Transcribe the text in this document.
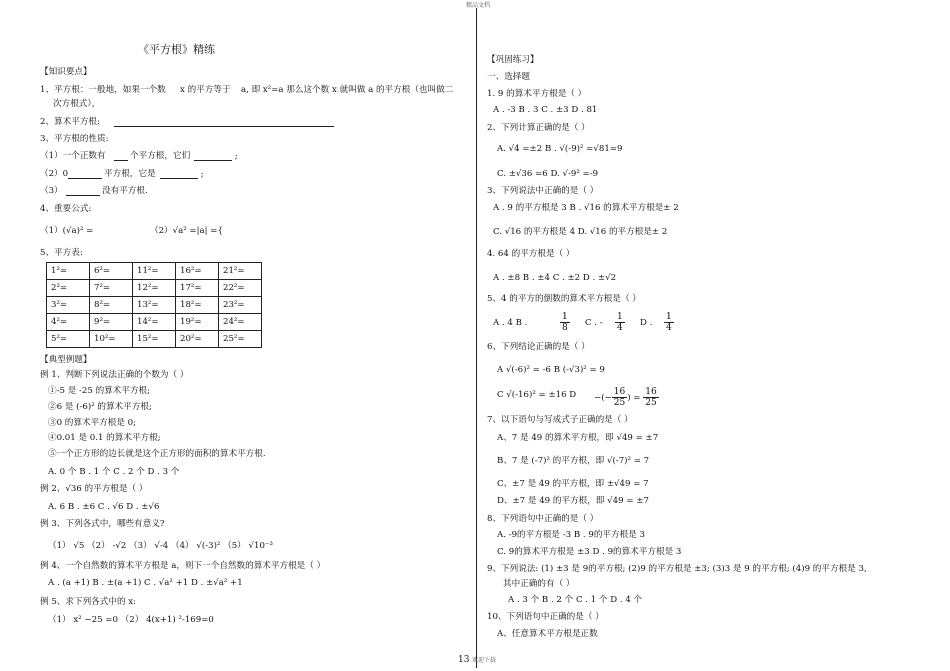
精品文档
《平方根》精练
【知识要点】
1、平方根：一般地，如果一个数 x 的平方等于 a, 即 x²=a 那么这个数 x 就叫做 a 的平方根（也叫做二
次方根式），
2、算术平方根:
3、平方根的性质:
（1）一个正数有	个平方根，它们	;
（2）0	平方根，它是	;
（3）	没有平方根.
4、重要公式:
（1）(√a)² =	（2）√a² =|a| ={
5、平方表:
1²=	6²=	11²=	16²=	21²=
2²=	7²=	12²=	17²=	22²=
3²=	8²=	13²=	18²=	23²=
4²=	9²=	14²=	19²=	24²=
5²=	10²=	15²=	20²=	25²=
【典型例题】
例 1、判断下列说法正确的个数为（ ）
①-5 是 -25 的算术平方根;
②6 是 (-6)² 的算术平方根;
③0 的算术平方根是 0;
④0.01 是 0.1 的算术平方根;
⑤一个正方形的边长就是这个正方形的面积的算术平方根.
A. 0 个 B . 1 个 C . 2 个 D . 3 个
例 2、√36 的平方根是（ ）
A. 6 B . ±6 C . √6 D . ±√6
例 3、下列各式中，哪些有意义?
（1） √5 （2） -√2 （3） √-4 （4） √(-3)² （5） √10⁻³
例 4、一个自然数的算术平方根是 a，则下一个自然数的算术平方根是（ ）
A . (a +1) B . ±(a +1) C . √a² +1 D . ±√a² +1
例 5、求下列各式中的 x:
（1） x² −25 =0 （2） 4(x+1) ²-169=0
【巩固练习】
一、选择题
1. 9 的算术平方根是（ ）
A . -3 B . 3 C . ±3 D . 81
2、下列计算正确的是（ ）
A. √4 =±2 B . √(-9)² =√81=9
C. ±√36 =6 D. √-9² =-9
3、下列说法中正确的是（ ）
A . 9 的平方根是 3 B . √16 的算术平方根是± 2
C. √16 的平方根是 4 D. √16 的平方根是± 2
4. 64 的平方根是（ ）
A . ±8 B . ±4 C . ±2 D . ±√2
5、4 的平方的倒数的算术平方根是（ ）
A . 4 B .	$\frac{1}{8}$ C . - $\frac{1}{4}$ D . $\frac{1}{4}$
6、下列结论正确的是（ ）
A √(-6)² = -6 B (-√3)² = 9
C √(-16)² = ±16 D −(− $\frac{16}{25}$ ) = $\frac{16}{25}$
7、以下语句与写成式子正确的是（ ）
A、7 是 49 的算术平方根，即 √49 = ±7
B、7 是 (-7)² 的平方根，即 √(-7)² = 7
C、±7 是 49 的平方根，即 ±√49 = 7
D、±7 是 49 的平方根，即 √49 = ±7
8、下列语句中正确的是（ ）
A. -9的平方根是 -3 B . 9的平方根是 3
C. 9的算术平方根是 ±3 D . 9的算术平方根是 3
9、下列说法: (1) ±3 是 9的平方根; (2)9 的平方根是 ±3; (3)3 是 9 的平方根; (4)9 的平方根是 3,
其中正确的有（ ）
A . 3 个 B . 2 个 C . 1 个 D . 4 个
10、下列语句中正确的是（ ）
A、任意算术平方根是正数
13 欢迎下载
